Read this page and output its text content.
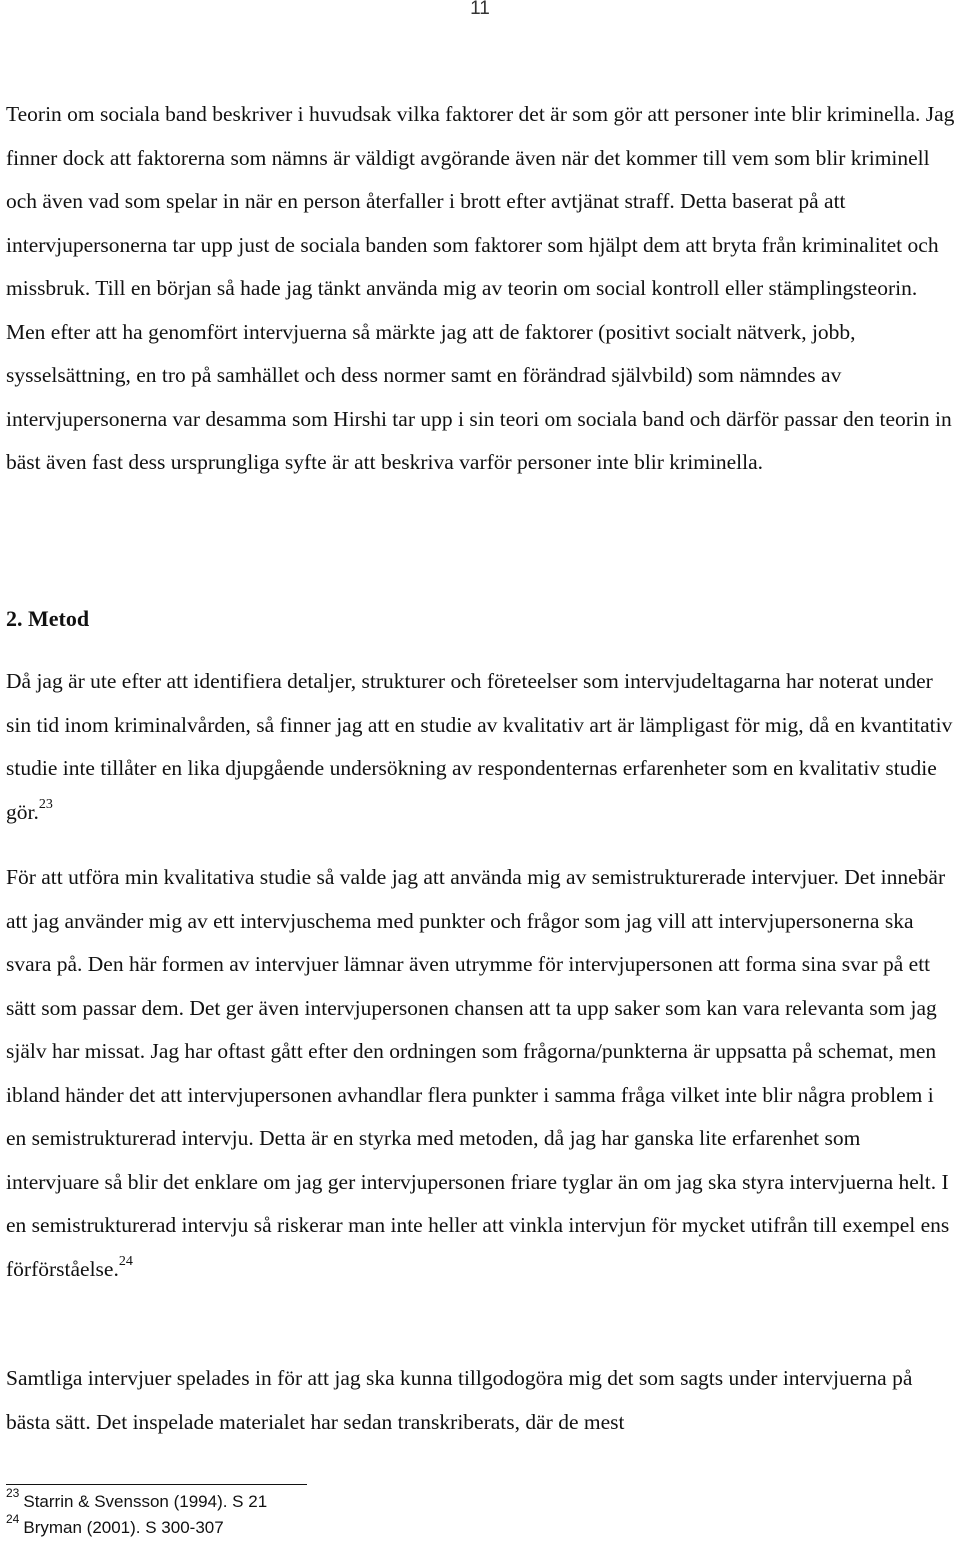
11

Teorin om sociala band beskriver i huvudsak vilka faktorer det är som gör att personer inte blir kriminella. Jag finner dock att faktorerna som nämns är väldigt avgörande även när det kommer till vem som blir kriminell och även vad som spelar in när en person återfaller i brott efter avtjänat straff. Detta baserat på att intervjupersonerna tar upp just de sociala banden som faktorer som hjälpt dem att bryta från kriminalitet och missbruk. Till en början så hade jag tänkt använda mig av teorin om social kontroll eller stämplingsteorin. Men efter att ha genomfört intervjuerna så märkte jag att de faktorer (positivt socialt nätverk, jobb, sysselsättning, en tro på samhället och dess normer samt en förändrad självbild) som nämndes av intervjupersonerna var desamma som Hirshi tar upp i sin teori om sociala band och därför passar den teorin in bäst även fast dess ursprungliga syfte är att beskriva varför personer inte blir kriminella.

2. Metod

Då jag är ute efter att identifiera detaljer, strukturer och företeelser som intervjudeltagarna har noterat under sin tid inom kriminalvården, så finner jag att en studie av kvalitativ art är lämpligast för mig, då en kvantitativ studie inte tillåter en lika djupgående undersökning av respondenternas erfarenheter som en kvalitativ studie gör.$^{23}$

För att utföra min kvalitativa studie så valde jag att använda mig av semistrukturerade intervjuer. Det innebär att jag använder mig av ett intervjuschema med punkter och frågor som jag vill att intervjupersonerna ska svara på. Den här formen av intervjuer lämnar även utrymme för intervjupersonen att forma sina svar på ett sätt som passar dem. Det ger även intervjupersonen chansen att ta upp saker som kan vara relevanta som jag själv har missat. Jag har oftast gått efter den ordningen som frågorna/punkterna är uppsatta på schemat, men ibland händer det att intervjupersonen avhandlar flera punkter i samma fråga vilket inte blir några problem i en semistrukturerad intervju. Detta är en styrka med metoden, då jag har ganska lite erfarenhet som intervjuare så blir det enklare om jag ger intervjupersonen friare tyglar än om jag ska styra intervjuerna helt. I en semistrukturerad intervju så riskerar man inte heller att vinkla intervjun för mycket utifrån till exempel ens förförståelse.$^{24}$

Samtliga intervjuer spelades in för att jag ska kunna tillgodogöra mig det som sagts under intervjuerna på bästa sätt. Det inspelade materialet har sedan transkriberats, där de mest

$^{23}$ Starrin & Svensson (1994). S 21
$^{24}$ Bryman (2001). S 300-307
